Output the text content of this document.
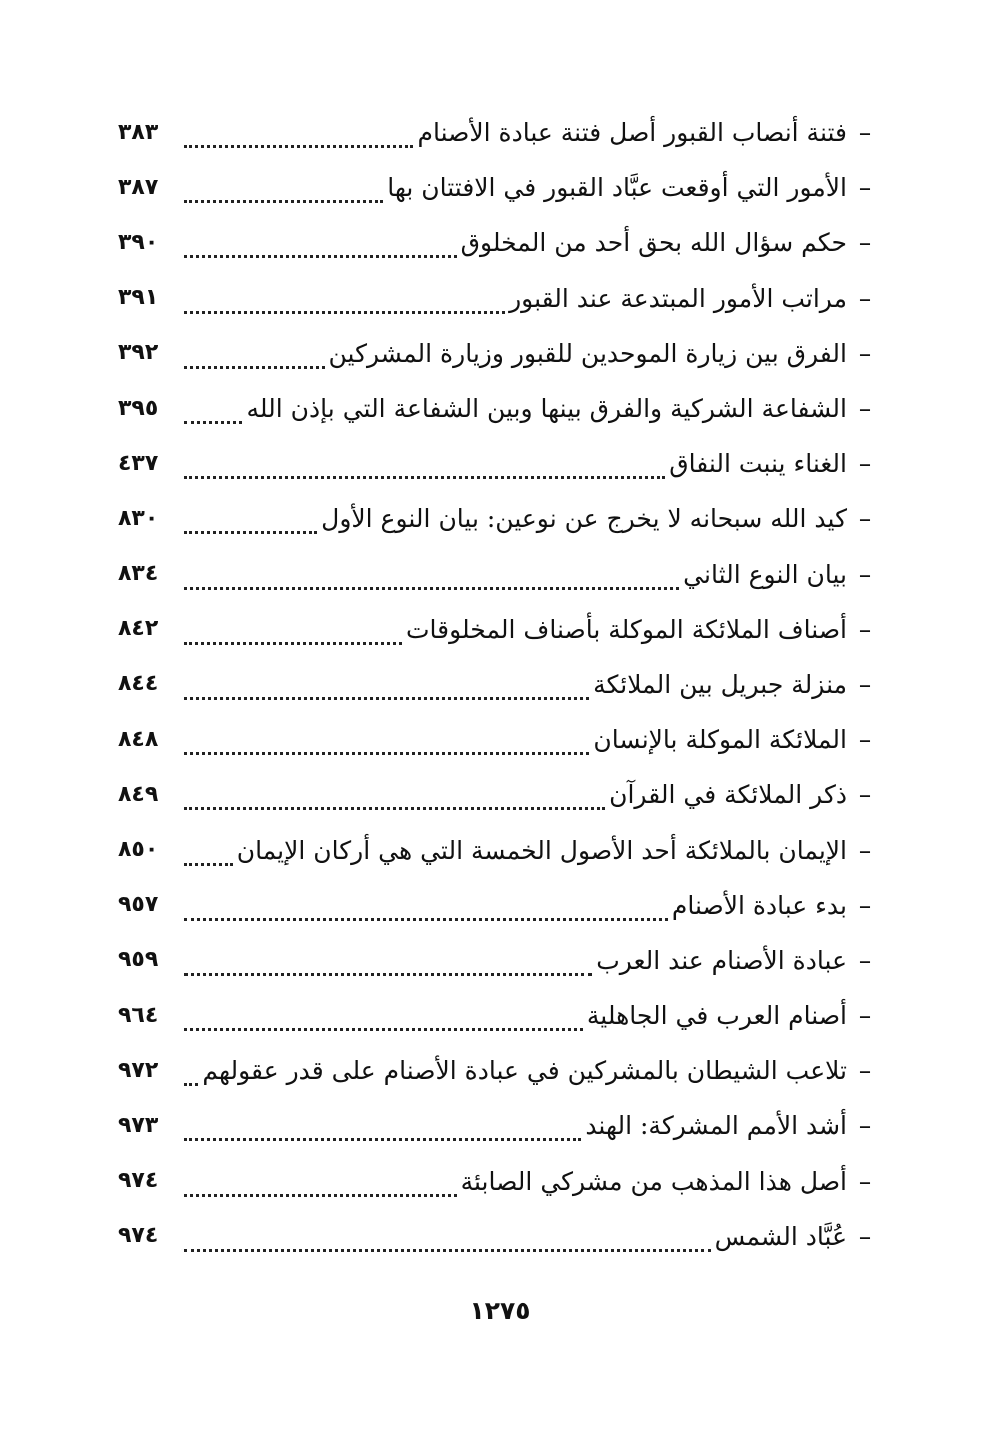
–
فتنة أنصاب القبور أصل فتنة عبادة الأصنام
٣٨٣
–
الأمور التي أوقعت عبَّاد القبور في الافتتان بها
٣٨٧
–
حكم سؤال الله بحق أحد من المخلوق
٣٩٠
–
مراتب الأمور المبتدعة عند القبور
٣٩١
–
الفرق بين زيارة الموحدين للقبور وزيارة المشركين
٣٩٢
–
الشفاعة الشركية والفرق بينها وبين الشفاعة التي بإذن الله
٣٩٥
–
الغناء ينبت النفاق
٤٣٧
–
كيد الله سبحانه لا يخرج عن نوعين: بيان النوع الأول
٨٣٠
–
بيان النوع الثاني
٨٣٤
–
أصناف الملائكة الموكلة بأصناف المخلوقات
٨٤٢
–
منزلة جبريل بين الملائكة
٨٤٤
–
الملائكة الموكلة بالإنسان
٨٤٨
–
ذكر الملائكة في القرآن
٨٤٩
–
الإيمان بالملائكة أحد الأصول الخمسة التي هي أركان الإيمان
٨٥٠
–
بدء عبادة الأصنام
٩٥٧
–
عبادة الأصنام عند العرب
٩٥٩
–
أصنام العرب في الجاهلية
٩٦٤
–
تلاعب الشيطان بالمشركين في عبادة الأصنام على قدر عقولهم
٩٧٢
–
أشد الأمم المشركة: الهند
٩٧٣
–
أصل هذا المذهب من مشركي الصابئة
٩٧٤
–
عُبَّاد الشمس
٩٧٤
١٢٧٥
